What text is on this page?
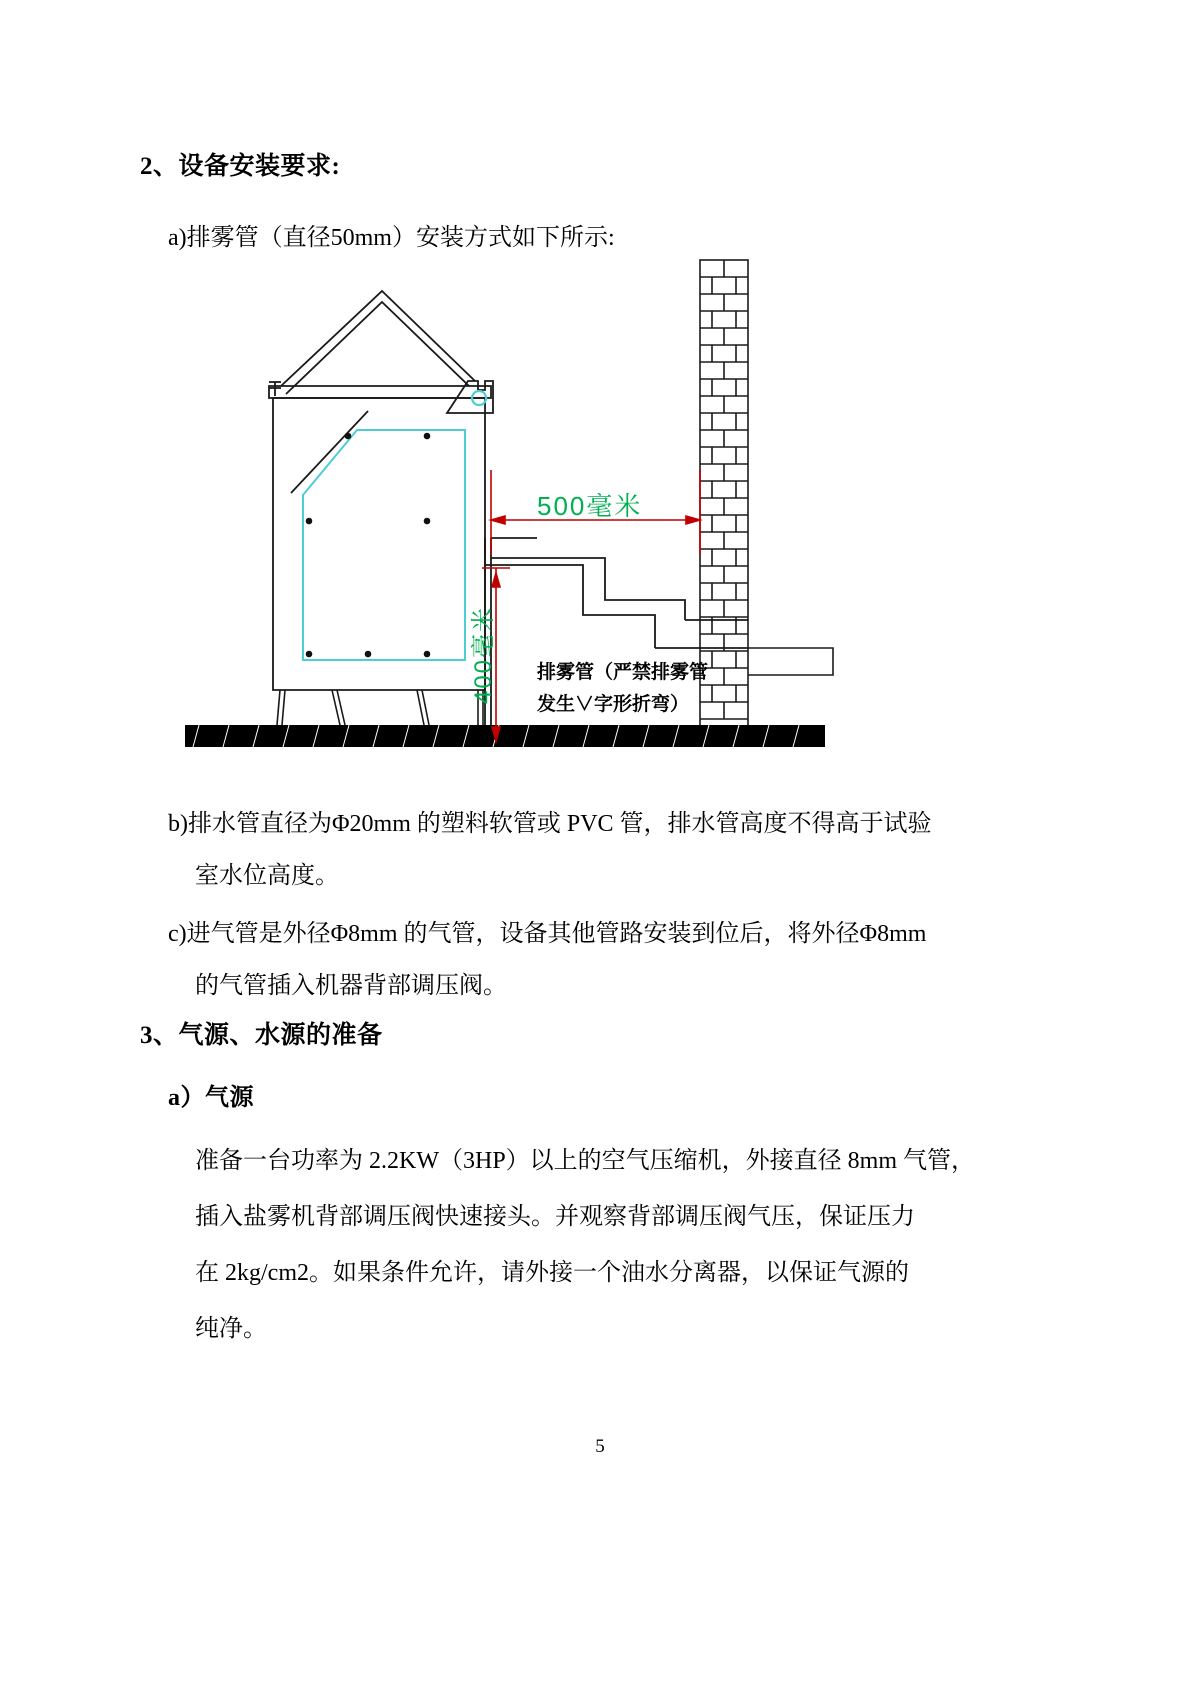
2、设备安装要求:
a)排雾管（直径50mm）安装方式如下所示:
500毫米
400毫米 排雾管（严禁排雾管
发生∨字形折弯）
b)排水管直径为Φ20mm 的塑料软管或 PVC 管，排水管高度不得高于试验
室水位高度。
c)进气管是外径Φ8mm 的气管，设备其他管路安装到位后，将外径Φ8mm
的气管插入机器背部调压阀。
3、气源、水源的准备
a）气源
准备一台功率为 2.2KW（3HP）以上的空气压缩机，外接直径 8mm 气管，
插入盐雾机背部调压阀快速接头。并观察背部调压阀气压，保证压力
在 2kg/cm2。如果条件允许，请外接一个油水分离器，以保证气源的
纯净。
5
